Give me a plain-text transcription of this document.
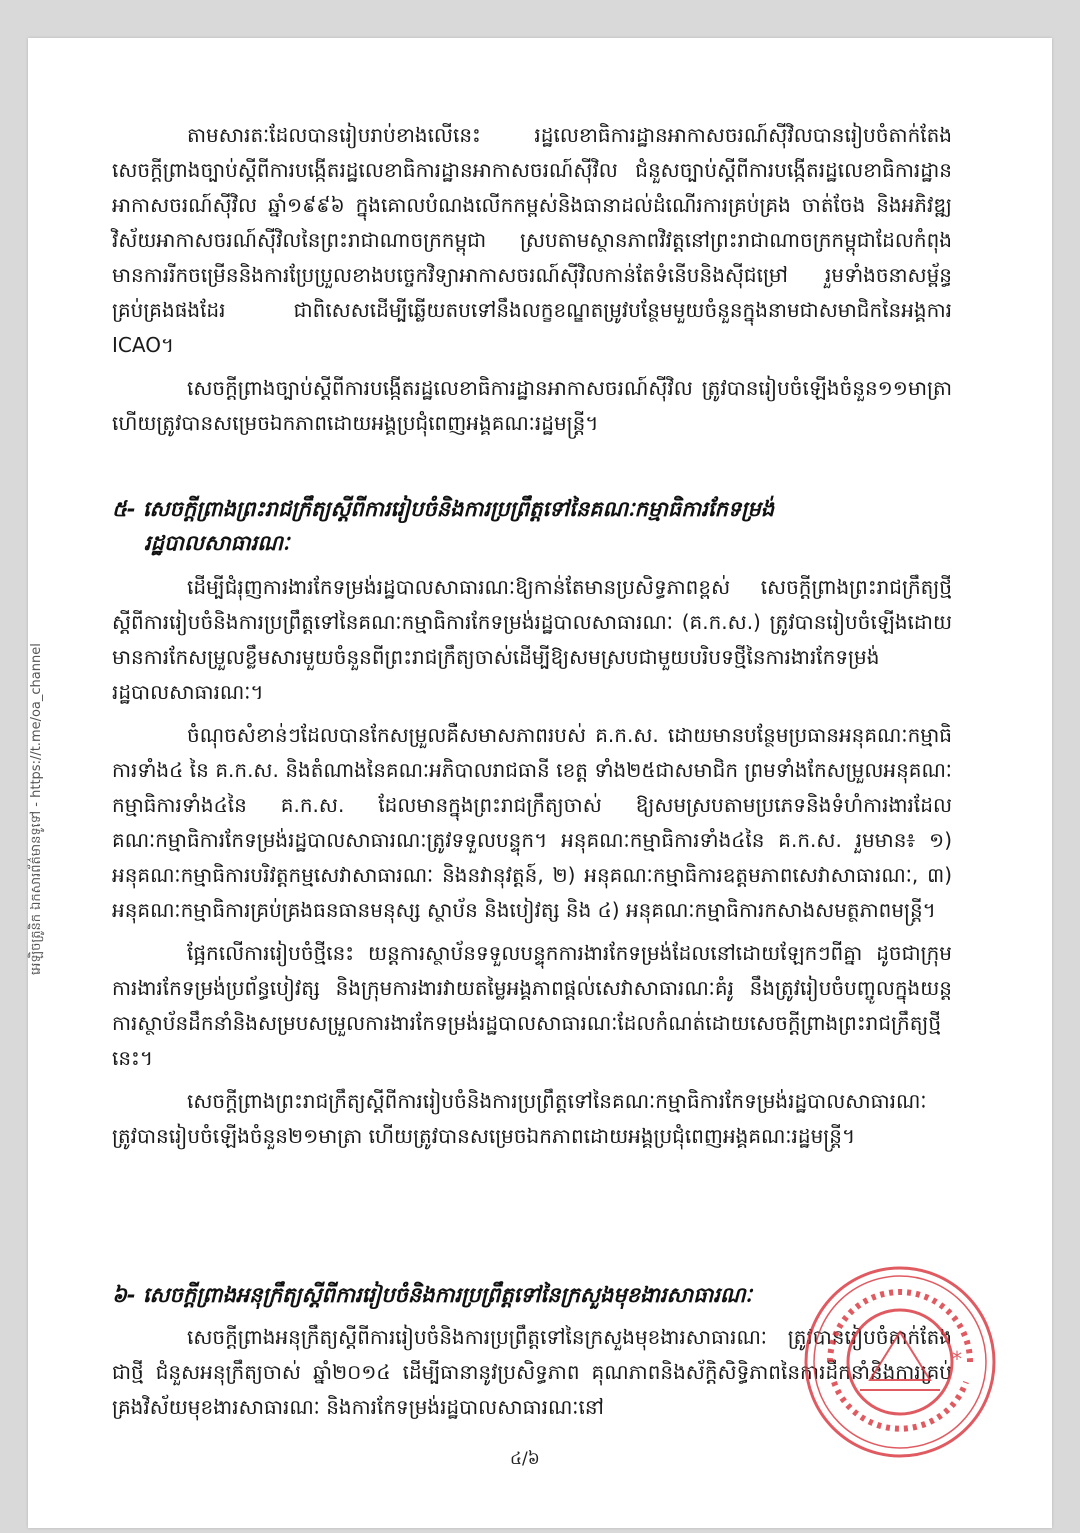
អេឡិចត្រូនិក ឯកសារព័ត៌មានទូទៅ - https://t.me/oa_channel

តាមសារតៈដែលបានរៀបរាប់ខាងលើនេះ រដ្ឋលេខាធិការដ្ឋានអាកាសចរណ៍ស៊ីវិលបានរៀបចំតាក់តែងសេចក្តីព្រាងច្បាប់ស្តីពីការបង្កើតរដ្ឋលេខាធិការដ្ឋានអាកាសចរណ៍ស៊ីវិល ជំនួសច្បាប់ស្តីពីការបង្កើតរដ្ឋលេខាធិការដ្ឋានអាកាសចរណ៍ស៊ីវិល ឆ្នាំ១៩៩៦ ក្នុងគោលបំណងលើកកម្ពស់និងធានាដល់ដំណើរការគ្រប់គ្រង ចាត់ចែង និងអភិវឌ្ឍវិស័យអាកាសចរណ៍ស៊ីវិលនៃព្រះរាជាណាចក្រកម្ពុជា ស្របតាមស្ថានភាពវិវត្តនៅព្រះរាជាណាចក្រកម្ពុជាដែលកំពុងមានការរីកចម្រើននិងការប្រែប្រួលខាងបច្ចេកវិទ្យាអាកាសចរណ៍ស៊ីវិលកាន់តែទំនើបនិងស៊ីជម្រៅ រួមទាំងចនាសម្ព័ន្ធគ្រប់គ្រងផងដែរ ជាពិសេសដើម្បីឆ្លើយតបទៅនឹងលក្ខខណ្ឌតម្រូវបន្ថែមមួយចំនួនក្នុងនាមជាសមាជិកនៃអង្គការ ICAO។

សេចក្តីព្រាងច្បាប់ស្តីពីការបង្កើតរដ្ឋលេខាធិការដ្ឋានអាកាសចរណ៍ស៊ីវិល ត្រូវបានរៀបចំឡើងចំនួន១១មាត្រា ហើយត្រូវបានសម្រេចឯកភាពដោយអង្គប្រជុំពេញអង្គគណៈរដ្ឋមន្ត្រី។

៥- សេចក្តីព្រាងព្រះរាជក្រឹត្យស្តីពីការរៀបចំនិងការប្រព្រឹត្តទៅនៃគណៈកម្មាធិការកែទម្រង់
រដ្ឋបាលសាធារណៈ

ដើម្បីជំរុញការងារកែទម្រង់រដ្ឋបាលសាធារណៈឱ្យកាន់តែមានប្រសិទ្ធភាពខ្ពស់ សេចក្តីព្រាងព្រះរាជក្រឹត្យថ្មីស្តីពីការរៀបចំនិងការប្រព្រឹត្តទៅនៃគណៈកម្មាធិការកែទម្រង់រដ្ឋបាលសាធារណៈ (គ.ក.ស.) ត្រូវបានរៀបចំឡើងដោយមានការកែសម្រួលខ្លឹមសារមួយចំនួនពីព្រះរាជក្រឹត្យចាស់ដើម្បីឱ្យសមស្របជាមួយបរិបទថ្មីនៃការងារកែទម្រង់រដ្ឋបាលសាធារណៈ។

ចំណុចសំខាន់ៗដែលបានកែសម្រួលគឺសមាសភាពរបស់ គ.ក.ស. ដោយមានបន្ថែមប្រធានអនុគណៈកម្មាធិការទាំង៤ នៃ គ.ក.ស. និងតំណាងនៃគណៈអភិបាលរាជធានី ខេត្ត ទាំង២៥ជាសមាជិក ព្រមទាំងកែសម្រួលអនុគណៈកម្មាធិការទាំង៤នៃ គ.ក.ស. ដែលមានក្នុងព្រះរាជក្រឹត្យចាស់ ឱ្យសមស្របតាមប្រភេទនិងទំហំការងារដែលគណៈកម្មាធិការកែទម្រង់រដ្ឋបាលសាធារណៈត្រូវទទួលបន្ទុក។ អនុគណៈកម្មាធិការទាំង៤នៃ គ.ក.ស. រួមមាន៖ ១) អនុគណៈកម្មាធិការបរិវត្តកម្មសេវាសាធារណៈ និងនវានុវត្តន៍, ២) អនុគណៈកម្មាធិការឧត្តមភាពសេវាសាធារណៈ, ៣) អនុគណៈកម្មាធិការគ្រប់គ្រងធនធានមនុស្ស ស្ថាប័ន និងបៀវត្ស និង ៤) អនុគណៈកម្មាធិការកសាងសមត្ថភាពមន្ត្រី។

ផ្អែកលើការរៀបចំថ្មីនេះ យន្តការស្ថាប័នទទួលបន្ទុកការងារកែទម្រង់ដែលនៅដោយឡែកៗពីគ្នា ដូចជាក្រុមការងារកែទម្រង់ប្រព័ន្ធបៀវត្ស និងក្រុមការងារវាយតម្លៃអង្គភាពផ្តល់សេវាសាធារណៈគំរូ នឹងត្រូវរៀបចំបញ្ចូលក្នុងយន្តការស្ថាប័នដឹកនាំនិងសម្របសម្រួលការងារកែទម្រង់រដ្ឋបាលសាធារណៈដែលកំណត់ដោយសេចក្តីព្រាងព្រះរាជក្រឹត្យថ្មីនេះ។

សេចក្តីព្រាងព្រះរាជក្រឹត្យស្តីពីការរៀបចំនិងការប្រព្រឹត្តទៅនៃគណៈកម្មាធិការកែទម្រង់រដ្ឋបាលសាធារណៈ ត្រូវបានរៀបចំឡើងចំនួន២១មាត្រា ហើយត្រូវបានសម្រេចឯកភាពដោយអង្គប្រជុំពេញអង្គគណៈរដ្ឋមន្ត្រី។

៦- សេចក្តីព្រាងអនុក្រឹត្យស្តីពីការរៀបចំនិងការប្រព្រឹត្តទៅនៃក្រសួងមុខងារសាធារណៈ

សេចក្តីព្រាងអនុក្រឹត្យស្តីពីការរៀបចំនិងការប្រព្រឹត្តទៅនៃក្រសួងមុខងារសាធារណៈ ត្រូវបានរៀបចំតាក់តែងជាថ្មី ជំនួសអនុក្រឹត្យចាស់ ឆ្នាំ២០១៤ ដើម្បីធានានូវប្រសិទ្ធភាព គុណភាពនិងស័ក្តិសិទ្ធិភាពនៃការដឹកនាំនិងការគ្រប់គ្រងវិស័យមុខងារសាធារណៈ និងការកែទម្រង់រដ្ឋបាលសាធារណៈនៅ

*
៤/៦
